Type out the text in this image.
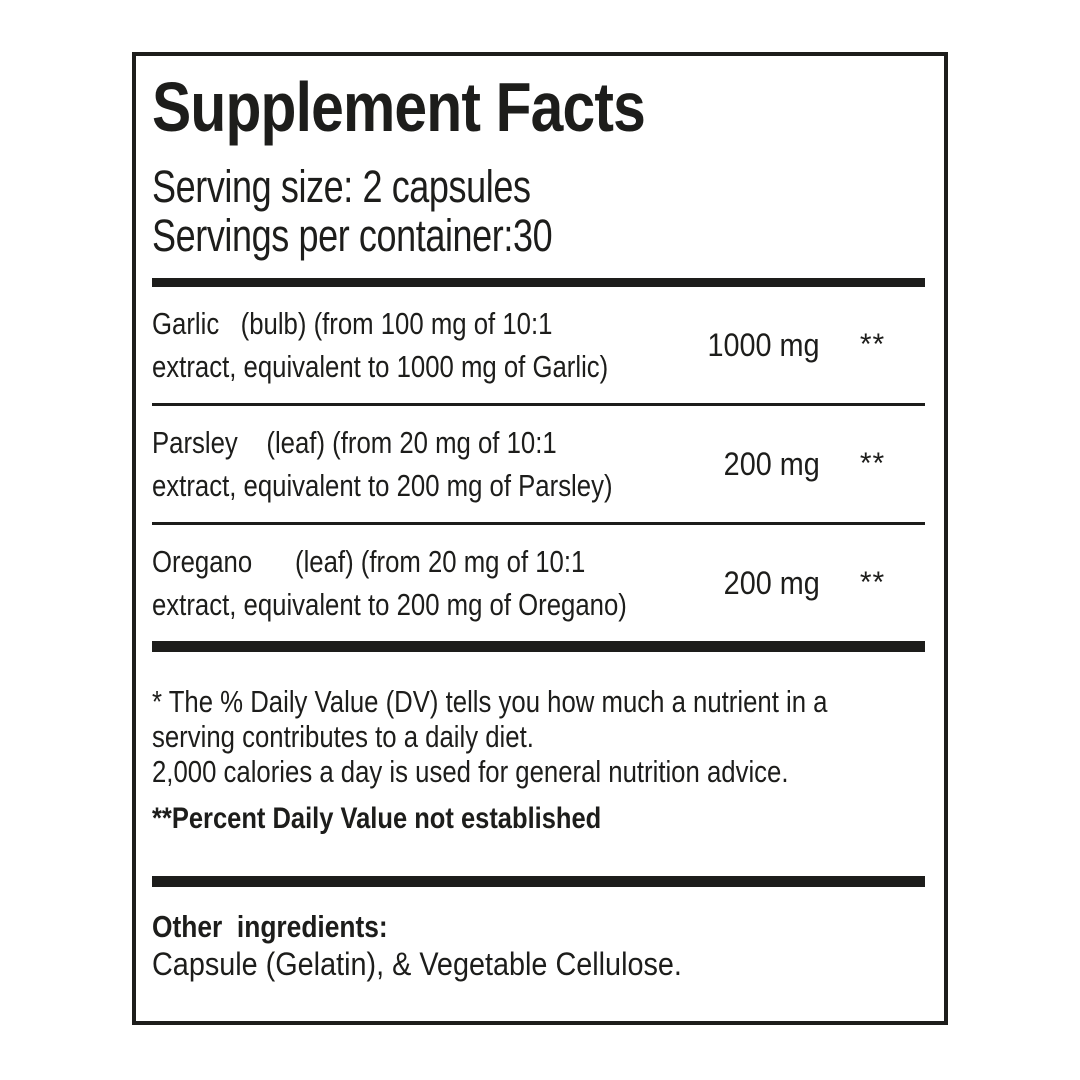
Supplement Facts
Serving size: 2 capsules
Servings per container:30
Garlic   (bulb) (from 100 mg of 10:1
extract, equivalent to 1000 mg of Garlic)
1000 mg	**
Parsley    (leaf) (from 20 mg of 10:1
extract, equivalent to 200 mg of Parsley)
200 mg	**
Oregano      (leaf) (from 20 mg of 10:1
extract, equivalent to 200 mg of Oregano)
200 mg	**
* The % Daily Value (DV) tells you how much a nutrient in a
serving contributes to a daily diet.
2,000 calories a day is used for general nutrition advice.
**Percent Daily Value not established
Other  ingredients:
Capsule (Gelatin), & Vegetable Cellulose.
